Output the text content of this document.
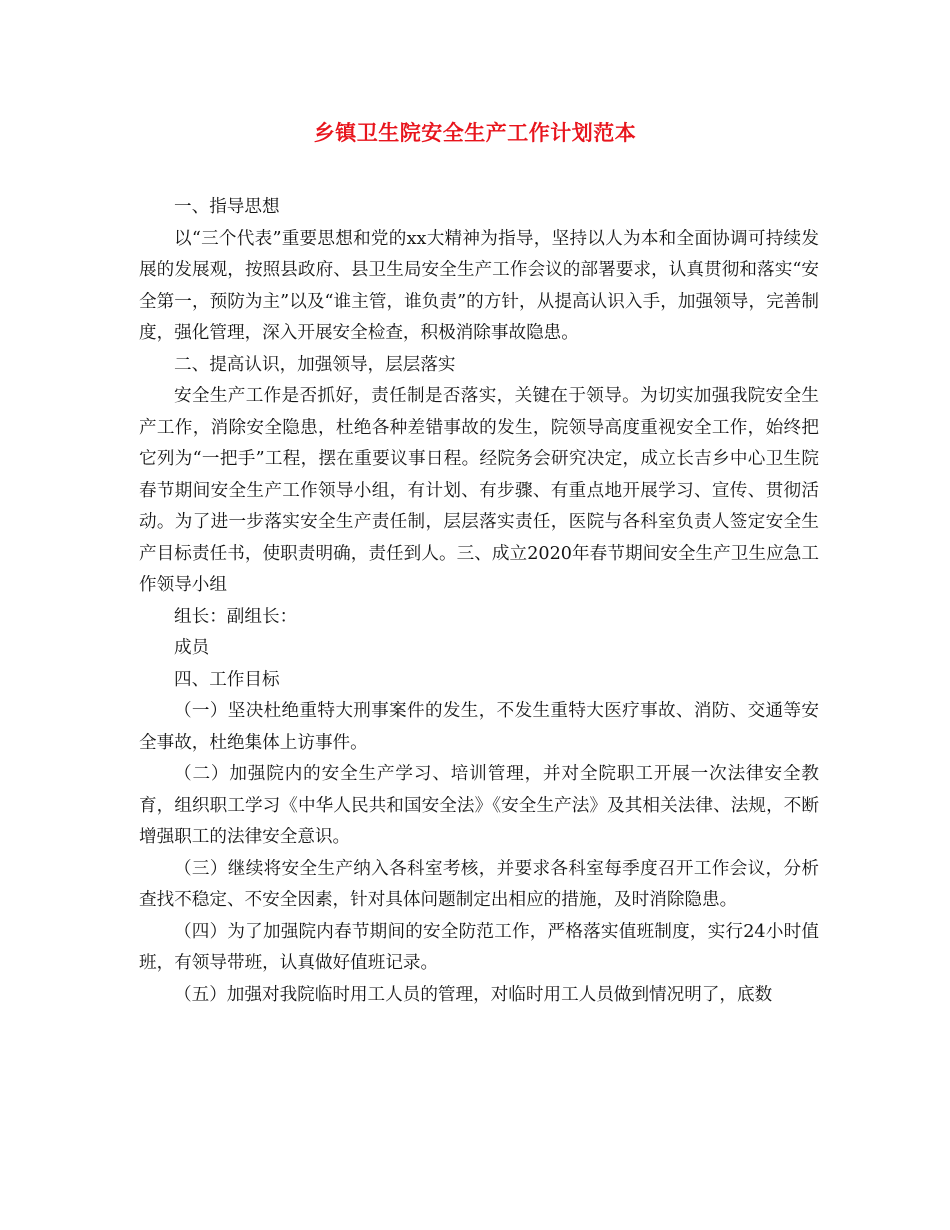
乡镇卫生院安全生产工作计划范本

一、指导思想

以“三个代表”重要思想和党的xx大精神为指导，坚持以人为本和全面协调可持续发展的发展观，按照县政府、县卫生局安全生产工作会议的部署要求，认真贯彻和落实“安全第一，预防为主”以及“谁主管，谁负责”的方针，从提高认识入手，加强领导，完善制度，强化管理，深入开展安全检查，积极消除事故隐患。

二、提高认识，加强领导，层层落实

安全生产工作是否抓好，责任制是否落实，关键在于领导。为切实加强我院安全生产工作，消除安全隐患，杜绝各种差错事故的发生，院领导高度重视安全工作，始终把它列为“一把手”工程，摆在重要议事日程。经院务会研究决定，成立长吉乡中心卫生院春节期间安全生产工作领导小组，有计划、有步骤、有重点地开展学习、宣传、贯彻活动。为了进一步落实安全生产责任制，层层落实责任，医院与各科室负责人签定安全生产目标责任书，使职责明确，责任到人。三、成立2020年春节期间安全生产卫生应急工作领导小组

组长：副组长：

成员

四、工作目标

（一）坚决杜绝重特大刑事案件的发生，不发生重特大医疗事故、消防、交通等安全事故，杜绝集体上访事件。

（二）加强院内的安全生产学习、培训管理，并对全院职工开展一次法律安全教育，组织职工学习《中华人民共和国安全法》《安全生产法》及其相关法律、法规，不断增强职工的法律安全意识。

（三）继续将安全生产纳入各科室考核，并要求各科室每季度召开工作会议，分析查找不稳定、不安全因素，针对具体问题制定出相应的措施，及时消除隐患。

（四）为了加强院内春节期间的安全防范工作，严格落实值班制度，实行24小时值班，有领导带班，认真做好值班记录。

（五）加强对我院临时用工人员的管理，对临时用工人员做到情况明了，底数
